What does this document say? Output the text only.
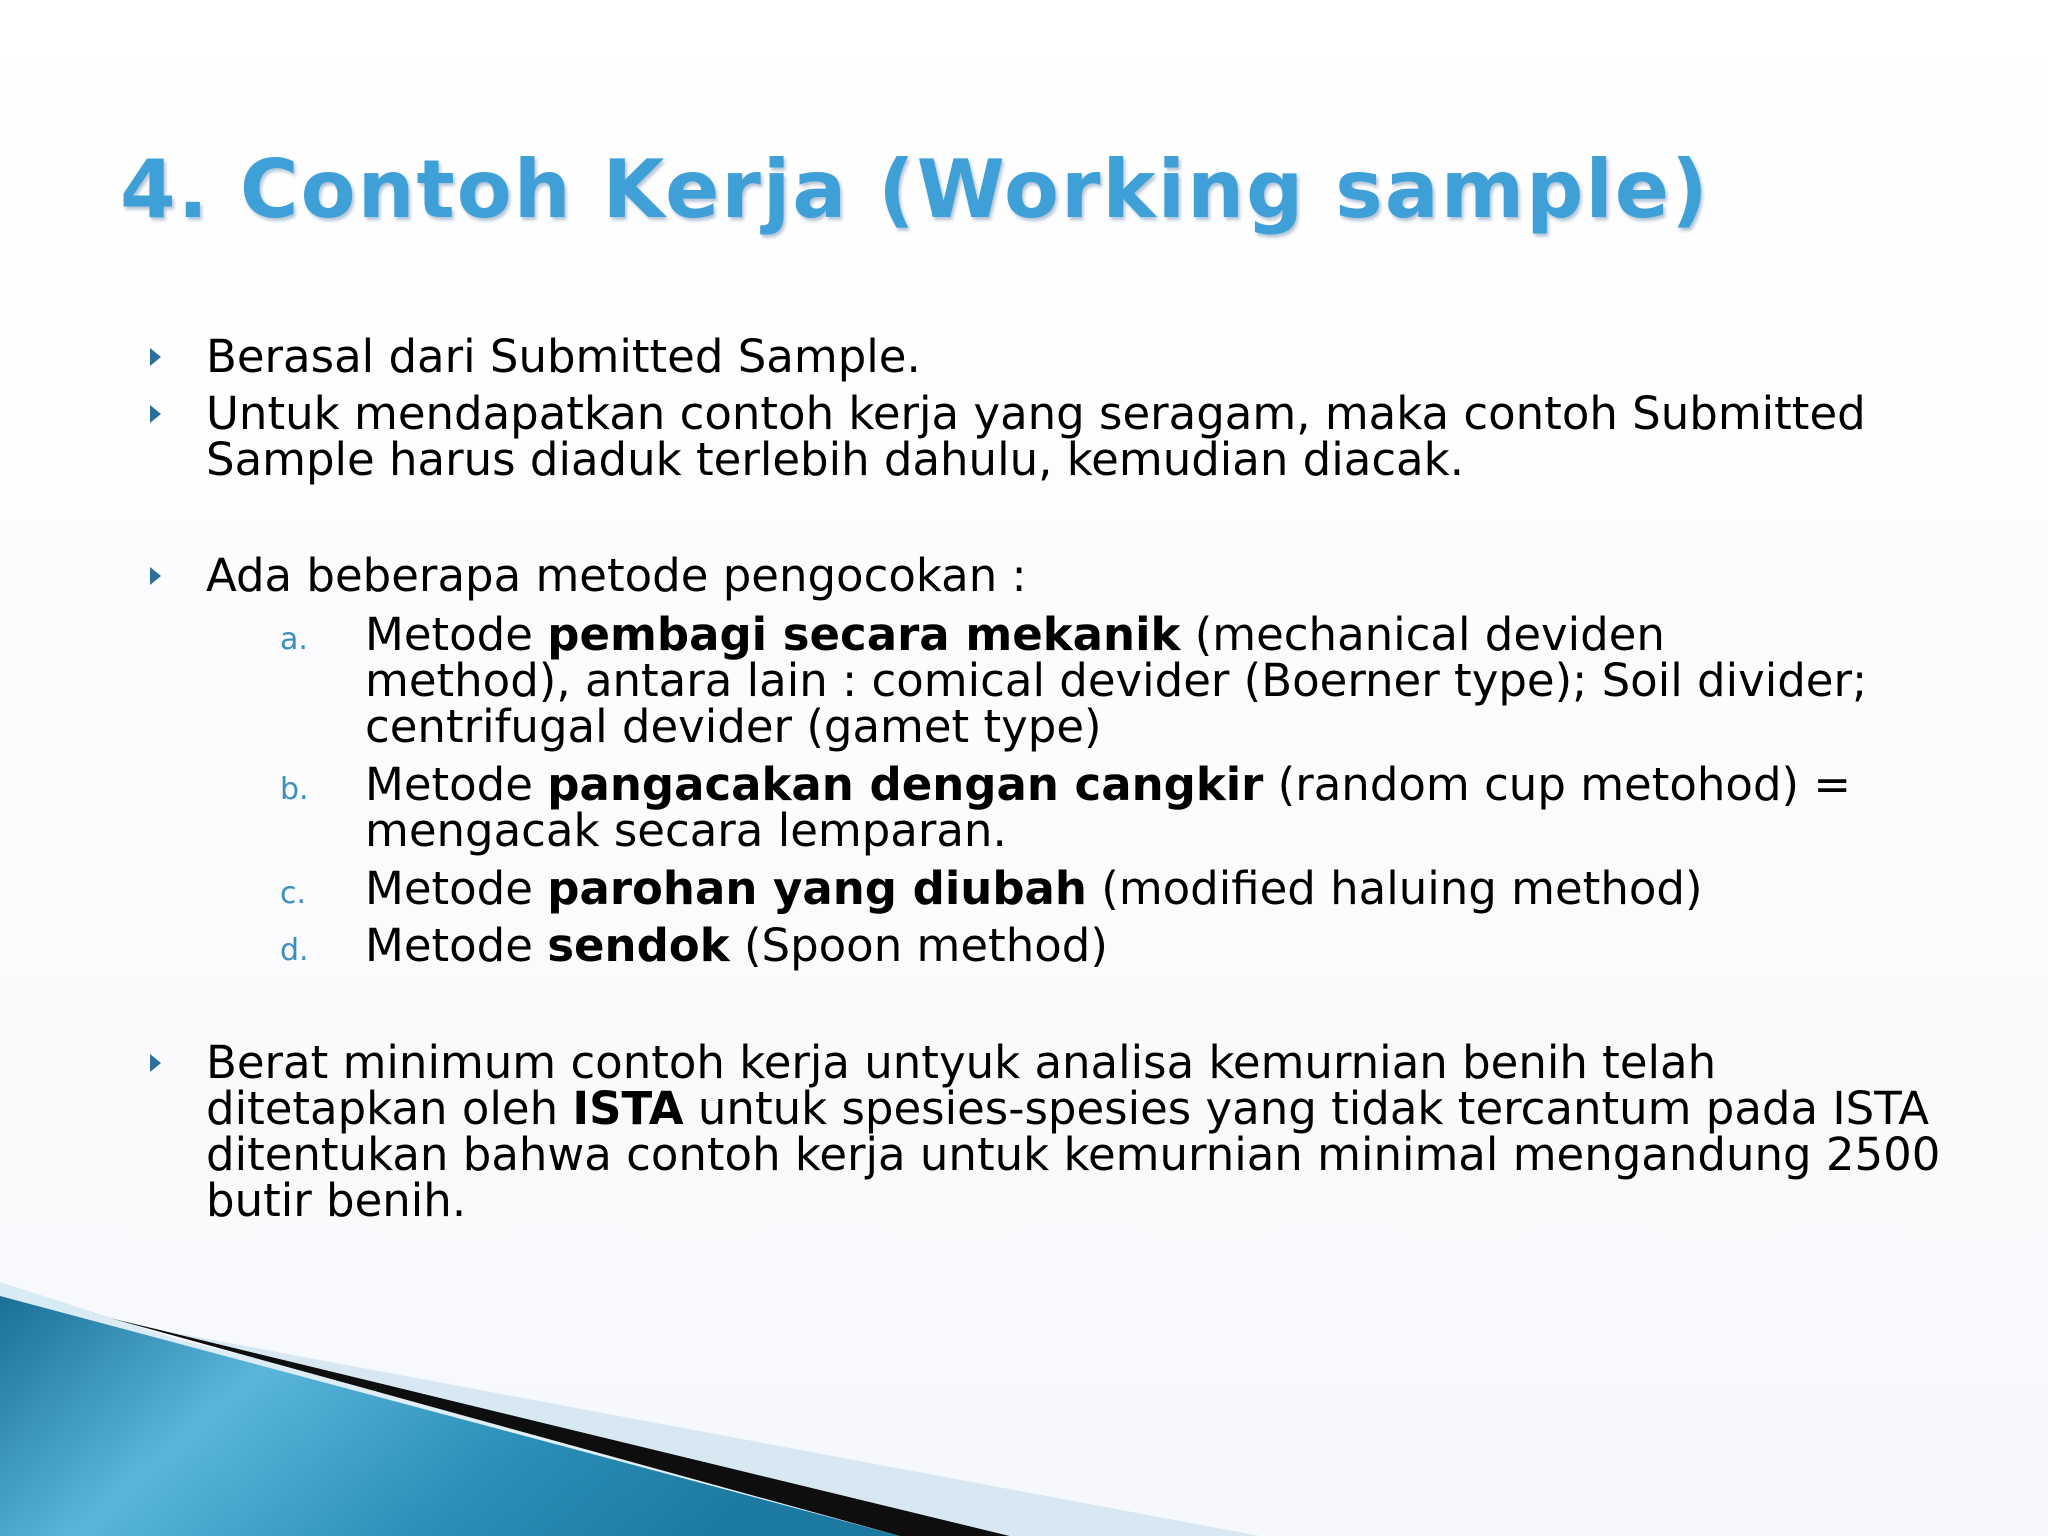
4. Contoh Kerja (Working sample)
Berasal dari Submitted Sample.
Untuk mendapatkan contoh kerja yang seragam, maka contoh Submitted Sample harus diaduk terlebih dahulu, kemudian diacak.
Ada beberapa metode pengocokan :
a. Metode pembagi secara mekanik (mechanical deviden method), antara lain : comical devider (Boerner type); Soil divider; centrifugal devider (gamet type)
b. Metode pangacakan dengan cangkir (random cup metohod) = mengacak secara lemparan.
c. Metode parohan yang diubah (modified haluing method)
d. Metode sendok (Spoon method)
Berat minimum contoh kerja untyuk analisa kemurnian benih telah ditetapkan oleh ISTA untuk spesies-spesies yang tidak tercantum pada ISTA ditentukan bahwa contoh kerja untuk kemurnian minimal mengandung 2500 butir benih.
